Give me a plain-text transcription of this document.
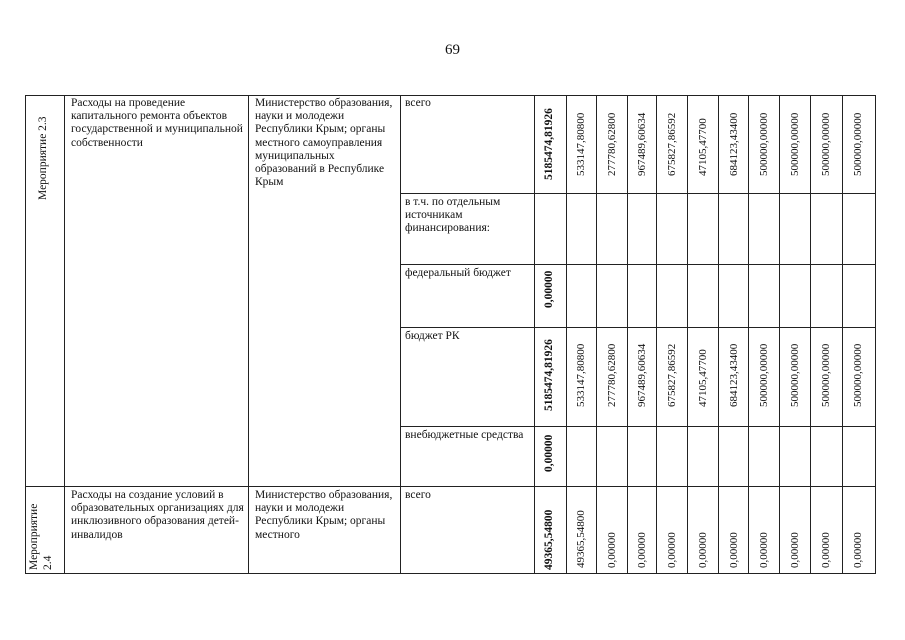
69
Мероприятие 2.3
Расходы на проведение капитального ремонта объектов государственной и муниципальной собственности
Министерство образования, науки и молодежи Республики Крым; органы местного самоуправления муниципальных образований в Республике Крым
всего
в т.ч. по отдельным источникам финансирования:
федеральный бюджет
бюджет РК
внебюджетные средства
5185474,81926 533147,80800 277780,62800 967489,60634 675827,86592 47105,47700 684123,43400 500000,00000 500000,00000 500000,00000 500000,00000
0,00000
5185474,81926 533147,80800 277780,62800 967489,60634 675827,86592 47105,47700 684123,43400 500000,00000 500000,00000 500000,00000 500000,00000
0,00000
Мероприятие 2.4
Расходы на создание условий в образовательных организациях для инклюзивного образования детей-инвалидов
Министерство образования, науки и молодежи Республики Крым; органы местного
всего
49365,54800 49365,54800 0,00000 0,00000 0,00000 0,00000 0,00000 0,00000 0,00000 0,00000 0,00000
